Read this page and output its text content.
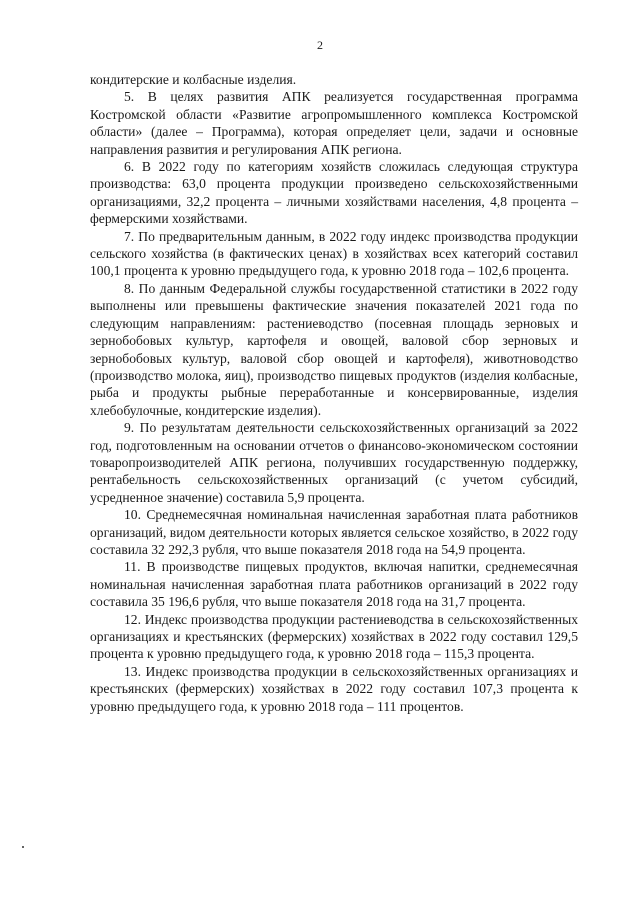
2

кондитерские и колбасные изделия.

5. В целях развития АПК реализуется государственная программа Костромской области «Развитие агропромышленного комплекса Костромской области» (далее – Программа), которая определяет цели, задачи и основные направления развития и регулирования АПК региона.

6. В 2022 году по категориям хозяйств сложилась следующая структура производства: 63,0 процента продукции произведено сельскохозяйственными организациями, 32,2 процента – личными хозяйствами населения, 4,8 процента – фермерскими хозяйствами.

7. По предварительным данным, в 2022 году индекс производства продукции сельского хозяйства (в фактических ценах) в хозяйствах всех категорий составил 100,1 процента к уровню предыдущего года, к уровню 2018 года – 102,6 процента.

8. По данным Федеральной службы государственной статистики в 2022 году выполнены или превышены фактические значения показателей 2021 года по следующим направлениям: растениеводство (посевная площадь зерновых и зернобобовых культур, картофеля и овощей, валовой сбор зерновых и зернобобовых культур, валовой сбор овощей и картофеля), животноводство (производство молока, яиц), производство пищевых продуктов (изделия колбасные, рыба и продукты рыбные переработанные и консервированные, изделия хлебобулочные, кондитерские изделия).

9. По результатам деятельности сельскохозяйственных организаций за 2022 год, подготовленным на основании отчетов о финансово-экономическом состоянии товаропроизводителей АПК региона, получивших государственную поддержку, рентабельность сельскохозяйственных организаций (с учетом субсидий, усредненное значение) составила 5,9 процента.

10. Среднемесячная номинальная начисленная заработная плата работников организаций, видом деятельности которых является сельское хозяйство, в 2022 году составила 32 292,3 рубля, что выше показателя 2018 года на 54,9 процента.

11. В производстве пищевых продуктов, включая напитки, среднемесячная номинальная начисленная заработная плата работников организаций в 2022 году составила 35 196,6 рубля, что выше показателя 2018 года на 31,7 процента.

12. Индекс производства продукции растениеводства в сельскохозяйственных организациях и крестьянских (фермерских) хозяйствах в 2022 году составил 129,5 процента к уровню предыдущего года, к уровню 2018 года – 115,3 процента.

13. Индекс производства продукции в сельскохозяйственных организациях и крестьянских (фермерских) хозяйствах в 2022 году составил 107,3 процента к уровню предыдущего года, к уровню 2018 года – 111 процентов.
